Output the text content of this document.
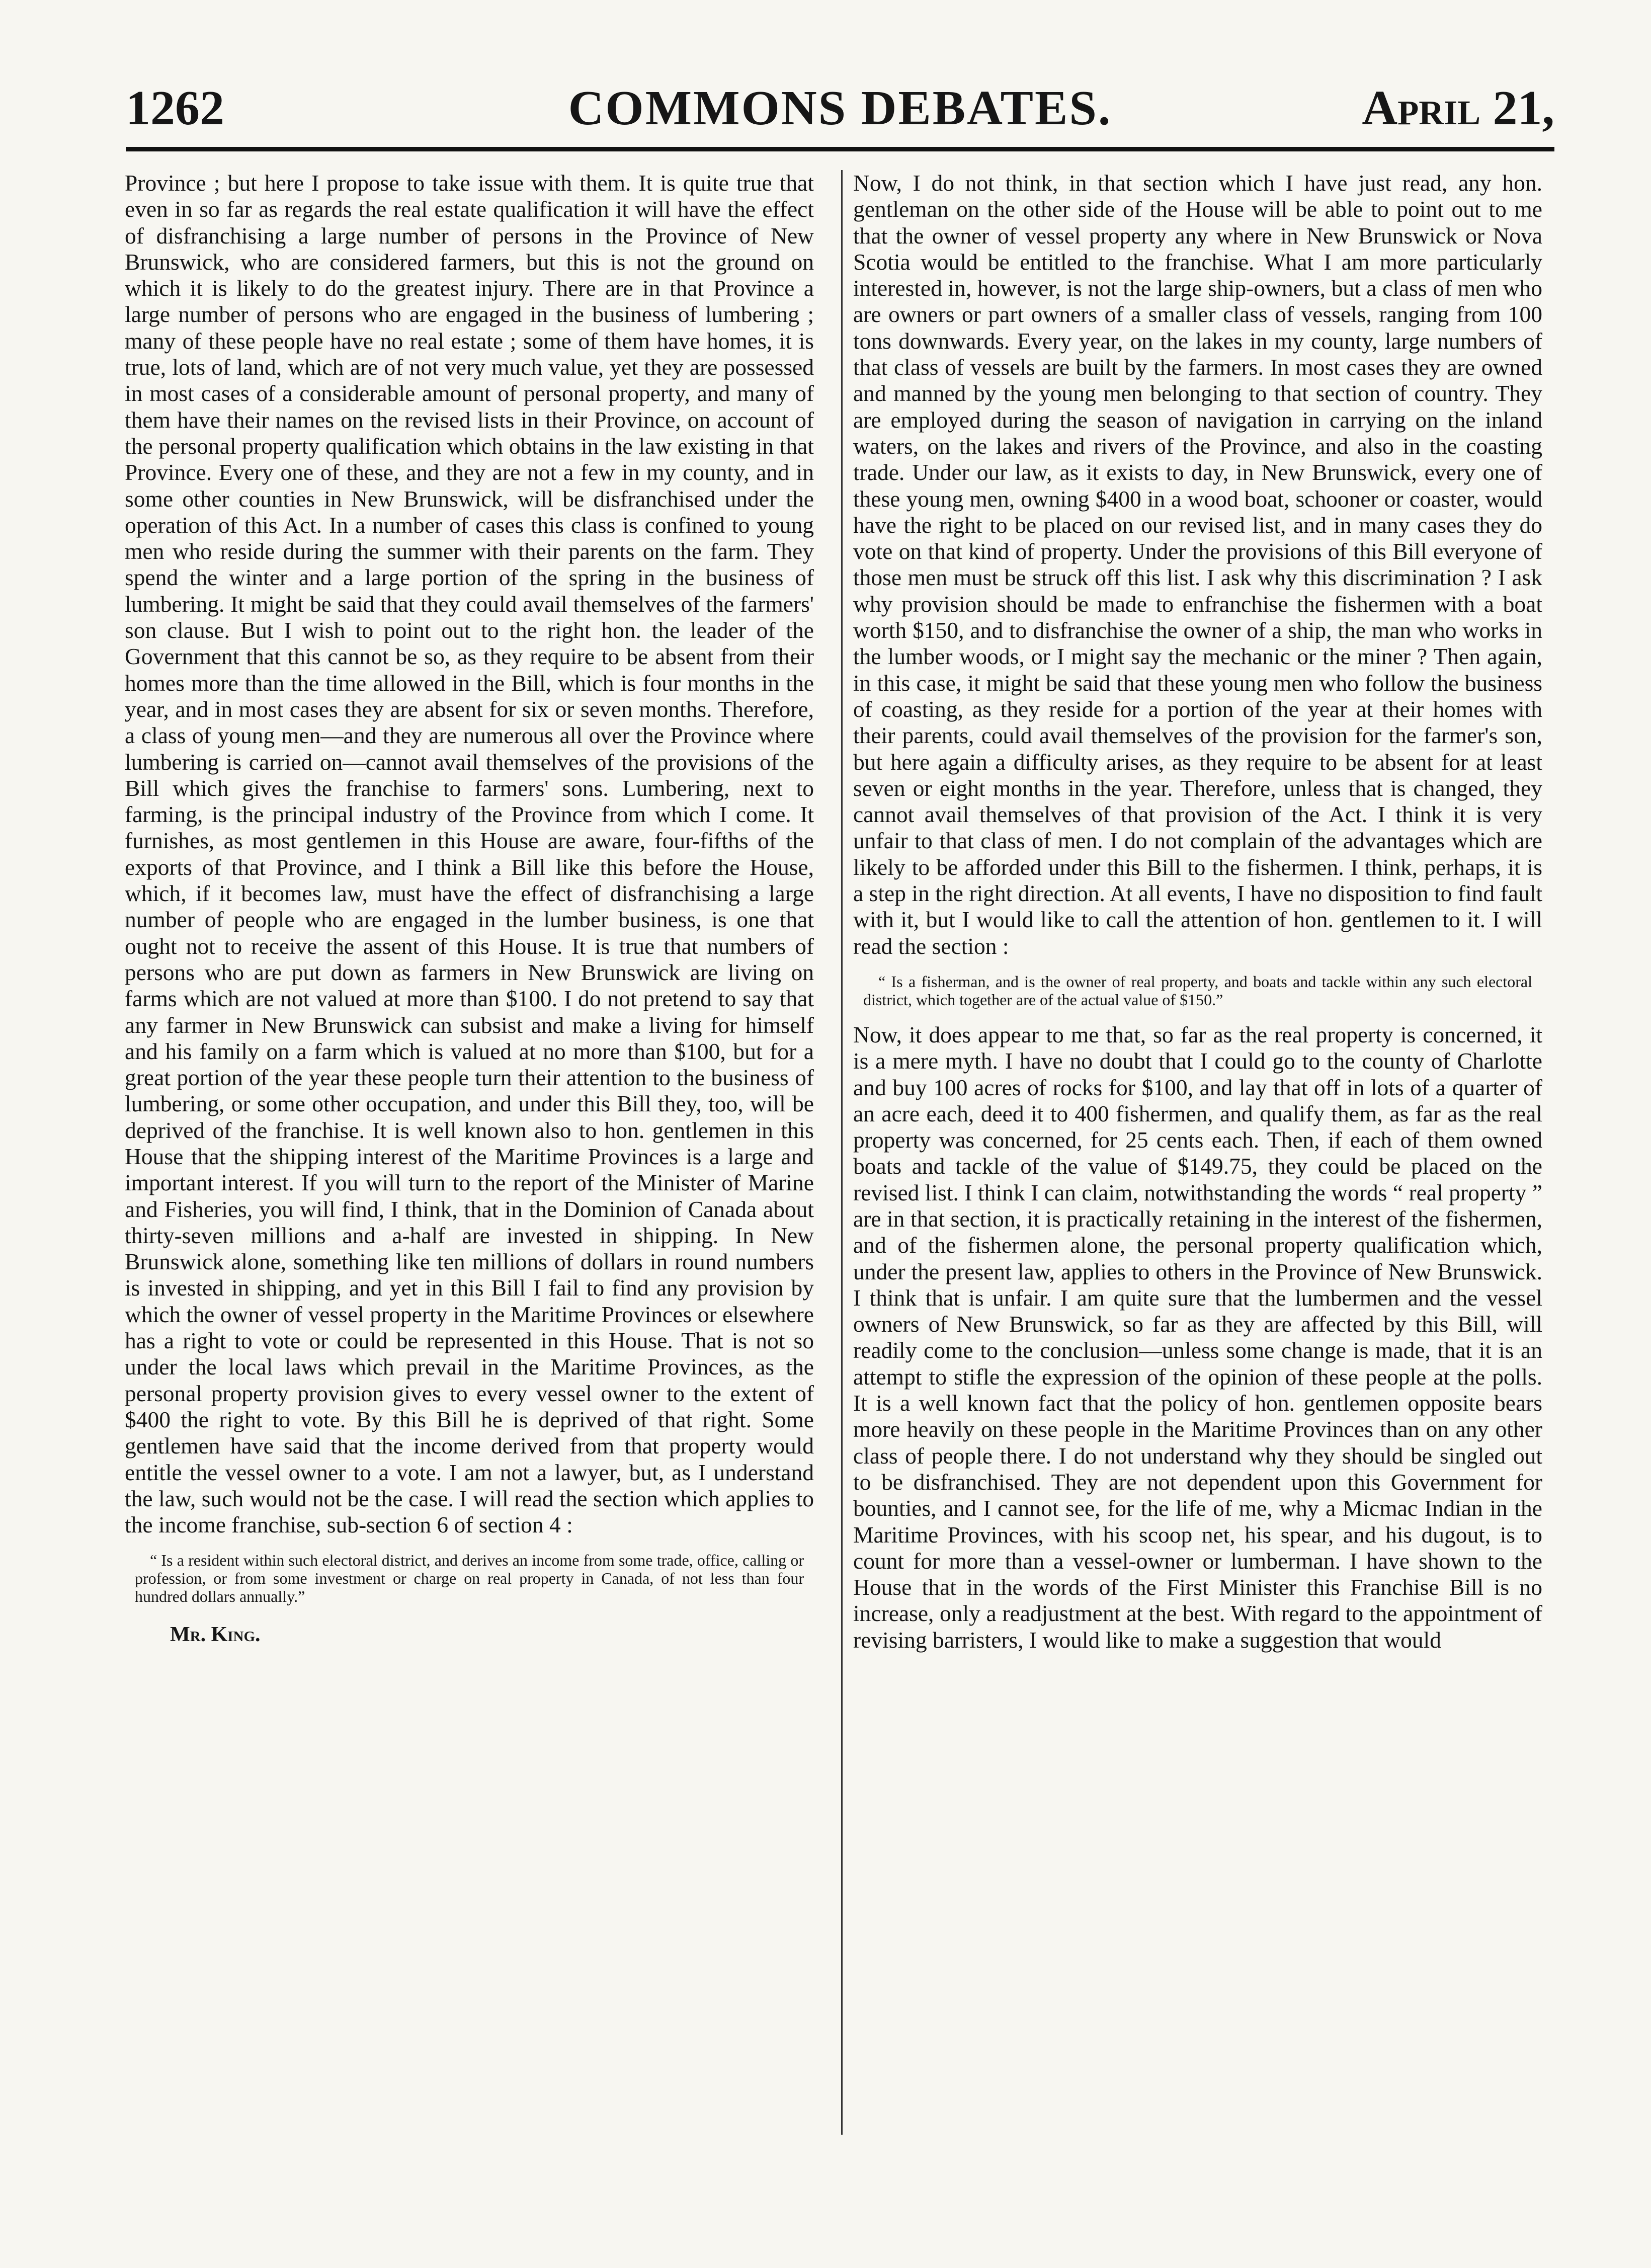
1262	COMMONS DEBATES.	April 21,

Province ; but here I propose to take issue with them. It is quite true that even in so far as regards the real estate qualification it will have the effect of disfranchising a large number of persons in the Province of New Brunswick, who are considered farmers, but this is not the ground on which it is likely to do the greatest injury. There are in that Province a large number of persons who are engaged in the business of lumbering ; many of these people have no real estate ; some of them have homes, it is true, lots of land, which are of not very much value, yet they are possessed in most cases of a considerable amount of personal property, and many of them have their names on the revised lists in their Province, on account of the personal property qualification which obtains in the law existing in that Province. Every one of these, and they are not a few in my county, and in some other counties in New Brunswick, will be disfranchised under the operation of this Act. In a number of cases this class is confined to young men who reside during the summer with their parents on the farm. They spend the winter and a large portion of the spring in the business of lumbering. It might be said that they could avail themselves of the farmers' son clause. But I wish to point out to the right hon. the leader of the Government that this cannot be so, as they require to be absent from their homes more than the time allowed in the Bill, which is four months in the year, and in most cases they are absent for six or seven months. Therefore, a class of young men—and they are numerous all over the Province where lumbering is carried on—cannot avail themselves of the provisions of the Bill which gives the franchise to farmers' sons. Lumbering, next to farming, is the principal industry of the Province from which I come. It furnishes, as most gentlemen in this House are aware, four-fifths of the exports of that Province, and I think a Bill like this before the House, which, if it becomes law, must have the effect of disfranchising a large number of people who are engaged in the lumber business, is one that ought not to receive the assent of this House. It is true that numbers of persons who are put down as farmers in New Brunswick are living on farms which are not valued at more than $100. I do not pretend to say that any farmer in New Brunswick can subsist and make a living for himself and his family on a farm which is valued at no more than $100, but for a great portion of the year these people turn their attention to the business of lumbering, or some other occupation, and under this Bill they, too, will be deprived of the franchise. It is well known also to hon. gentlemen in this House that the shipping interest of the Maritime Provinces is a large and important interest. If you will turn to the report of the Minister of Marine and Fisheries, you will find, I think, that in the Dominion of Canada about thirty-seven millions and a-half are invested in shipping. In New Brunswick alone, something like ten millions of dollars in round numbers is invested in shipping, and yet in this Bill I fail to find any provision by which the owner of vessel property in the Maritime Provinces or elsewhere has a right to vote or could be represented in this House. That is not so under the local laws which prevail in the Maritime Provinces, as the personal property provision gives to every vessel owner to the extent of $400 the right to vote. By this Bill he is deprived of that right. Some gentlemen have said that the income derived from that property would entitle the vessel owner to a vote. I am not a lawyer, but, as I understand the law, such would not be the case. I will read the section which applies to the income franchise, sub-section 6 of section 4 :

“ Is a resident within such electoral district, and derives an income from some trade, office, calling or profession, or from some investment or charge on real property in Canada, of not less than four hundred dollars annually.”

Mr. King.

Now, I do not think, in that section which I have just read, any hon. gentleman on the other side of the House will be able to point out to me that the owner of vessel property any where in New Brunswick or Nova Scotia would be entitled to the franchise. What I am more particularly interested in, however, is not the large ship-owners, but a class of men who are owners or part owners of a smaller class of vessels, ranging from 100 tons downwards. Every year, on the lakes in my county, large numbers of that class of vessels are built by the farmers. In most cases they are owned and manned by the young men belonging to that section of country. They are employed during the season of navigation in carrying on the inland waters, on the lakes and rivers of the Province, and also in the coasting trade. Under our law, as it exists to day, in New Brunswick, every one of these young men, owning $400 in a wood boat, schooner or coaster, would have the right to be placed on our revised list, and in many cases they do vote on that kind of property. Under the provisions of this Bill everyone of those men must be struck off this list. I ask why this discrimination ? I ask why provision should be made to enfranchise the fishermen with a boat worth $150, and to disfranchise the owner of a ship, the man who works in the lumber woods, or I might say the mechanic or the miner ? Then again, in this case, it might be said that these young men who follow the business of coasting, as they reside for a portion of the year at their homes with their parents, could avail themselves of the provision for the farmer's son, but here again a difficulty arises, as they require to be absent for at least seven or eight months in the year. Therefore, unless that is changed, they cannot avail themselves of that provision of the Act. I think it is very unfair to that class of men. I do not complain of the advantages which are likely to be afforded under this Bill to the fishermen. I think, perhaps, it is a step in the right direction. At all events, I have no disposition to find fault with it, but I would like to call the attention of hon. gentlemen to it. I will read the section :

“ Is a fisherman, and is the owner of real property, and boats and tackle within any such electoral district, which together are of the actual value of $150.”

Now, it does appear to me that, so far as the real property is concerned, it is a mere myth. I have no doubt that I could go to the county of Charlotte and buy 100 acres of rocks for $100, and lay that off in lots of a quarter of an acre each, deed it to 400 fishermen, and qualify them, as far as the real property was concerned, for 25 cents each. Then, if each of them owned boats and tackle of the value of $149.75, they could be placed on the revised list. I think I can claim, notwithstanding the words “ real property ” are in that section, it is practically retaining in the interest of the fishermen, and of the fishermen alone, the personal property qualification which, under the present law, applies to others in the Province of New Brunswick. I think that is unfair. I am quite sure that the lumbermen and the vessel owners of New Brunswick, so far as they are affected by this Bill, will readily come to the conclusion—unless some change is made, that it is an attempt to stifle the expression of the opinion of these people at the polls. It is a well known fact that the policy of hon. gentlemen opposite bears more heavily on these people in the Maritime Provinces than on any other class of people there. I do not understand why they should be singled out to be disfranchised. They are not dependent upon this Government for bounties, and I cannot see, for the life of me, why a Micmac Indian in the Maritime Provinces, with his scoop net, his spear, and his dugout, is to count for more than a vessel-owner or lumberman. I have shown to the House that in the words of the First Minister this Franchise Bill is no increase, only a readjustment at the best. With regard to the appointment of revising barristers, I would like to make a suggestion that would
